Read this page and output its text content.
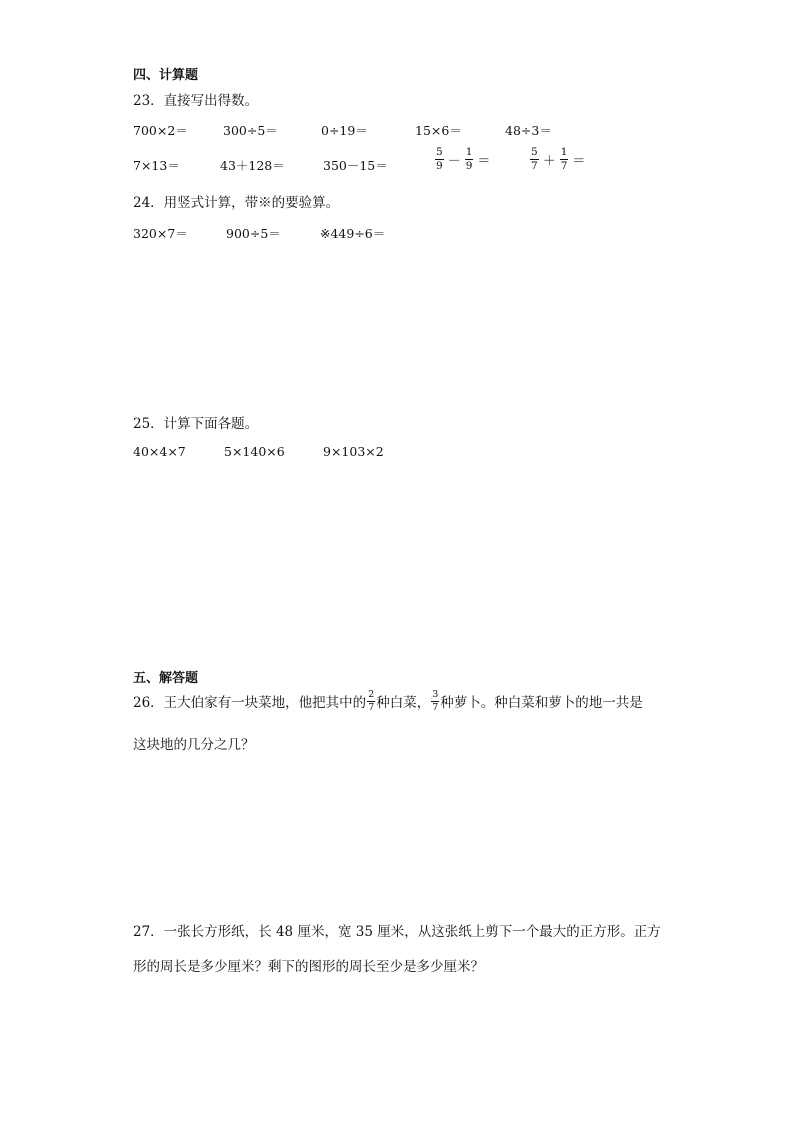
四、计算题
23．直接写出得数。
700×2＝	300÷5＝	0÷19＝	15×6＝	48÷3＝
7×13＝	43＋128＝	350－15＝	$\frac{5}{9} - \frac{1}{9}$ ＝	$\frac{5}{7} + \frac{1}{7}$ ＝
24．用竖式计算，带※的要验算。
320×7＝	900÷5＝	※449÷6＝
25．计算下面各题。
40×4×7	5×140×6	9×103×2
五、解答题
26．王大伯家有一块菜地，他把其中的 $\frac{2}{7}$ 种白菜， $\frac{3}{7}$ 种萝卜。种白菜和萝卜的地一共是
这块地的几分之几？
27．一张长方形纸，长 48 厘米，宽 35 厘米，从这张纸上剪下一个最大的正方形。正方
形的周长是多少厘米？剩下的图形的周长至少是多少厘米？
